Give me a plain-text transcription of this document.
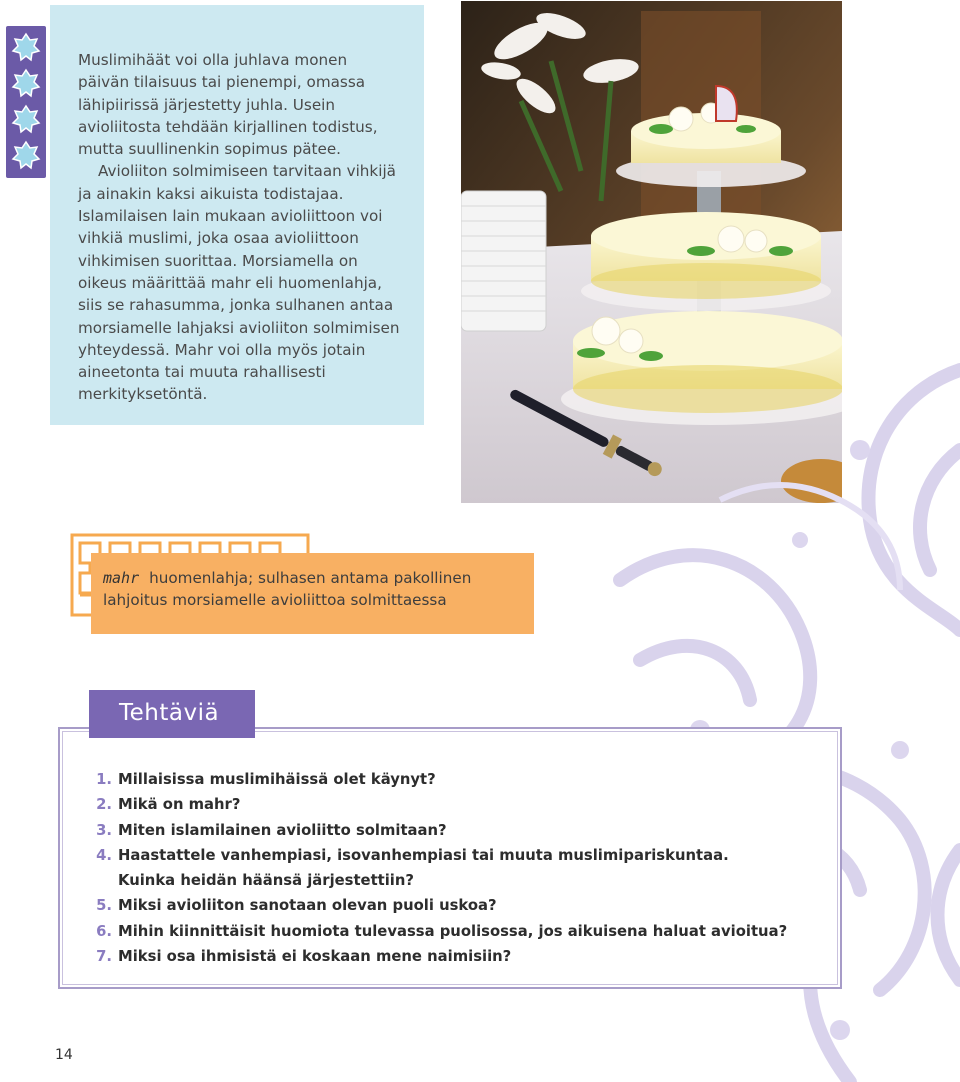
Muslimihäät voi olla juhlava monen päivän tilaisuus tai pienempi, omassa lähipiirissä järjestetty juhla. Usein avioliitosta tehdään kirjallinen todistus, mutta suullinenkin sopimus pätee.

Avioliiton solmimiseen tarvitaan vihkijä ja ainakin kaksi aikuista todistajaa. Islamilaisen lain mukaan avioliittoon voi vihkiä muslimi, joka osaa avioliittoon vihkimisen suorittaa. Morsiamella on oikeus määrittää mahr eli huomenlahja, siis se rahasumma, jonka sulhanen antaa morsiamelle lahjaksi avioliiton solmimisen yhteydessä. Mahr voi olla myös jotain aineetonta tai muuta rahallisesti merkityksetöntä.

mahr huomenlahja; sulhasen antama pakollinen
lahjoitus morsiamelle avioliittoa solmittaessa
1. Millaisissa muslimihäissä olet käynyt?
2. Mikä on mahr?
3. Miten islamilainen avioliitto solmitaan?
4. Haastattele vanhempiasi, isovanhempiasi tai muuta muslimipariskuntaa.
Kuinka heidän häänsä järjestettiin?
5. Miksi avioliiton sanotaan olevan puoli uskoa?
6. Mihin kiinnittäisit huomiota tulevassa puolisossa, jos aikuisena haluat avioitua?
7. Miksi osa ihmisistä ei koskaan mene naimisiin?
Tehtäviä
14
